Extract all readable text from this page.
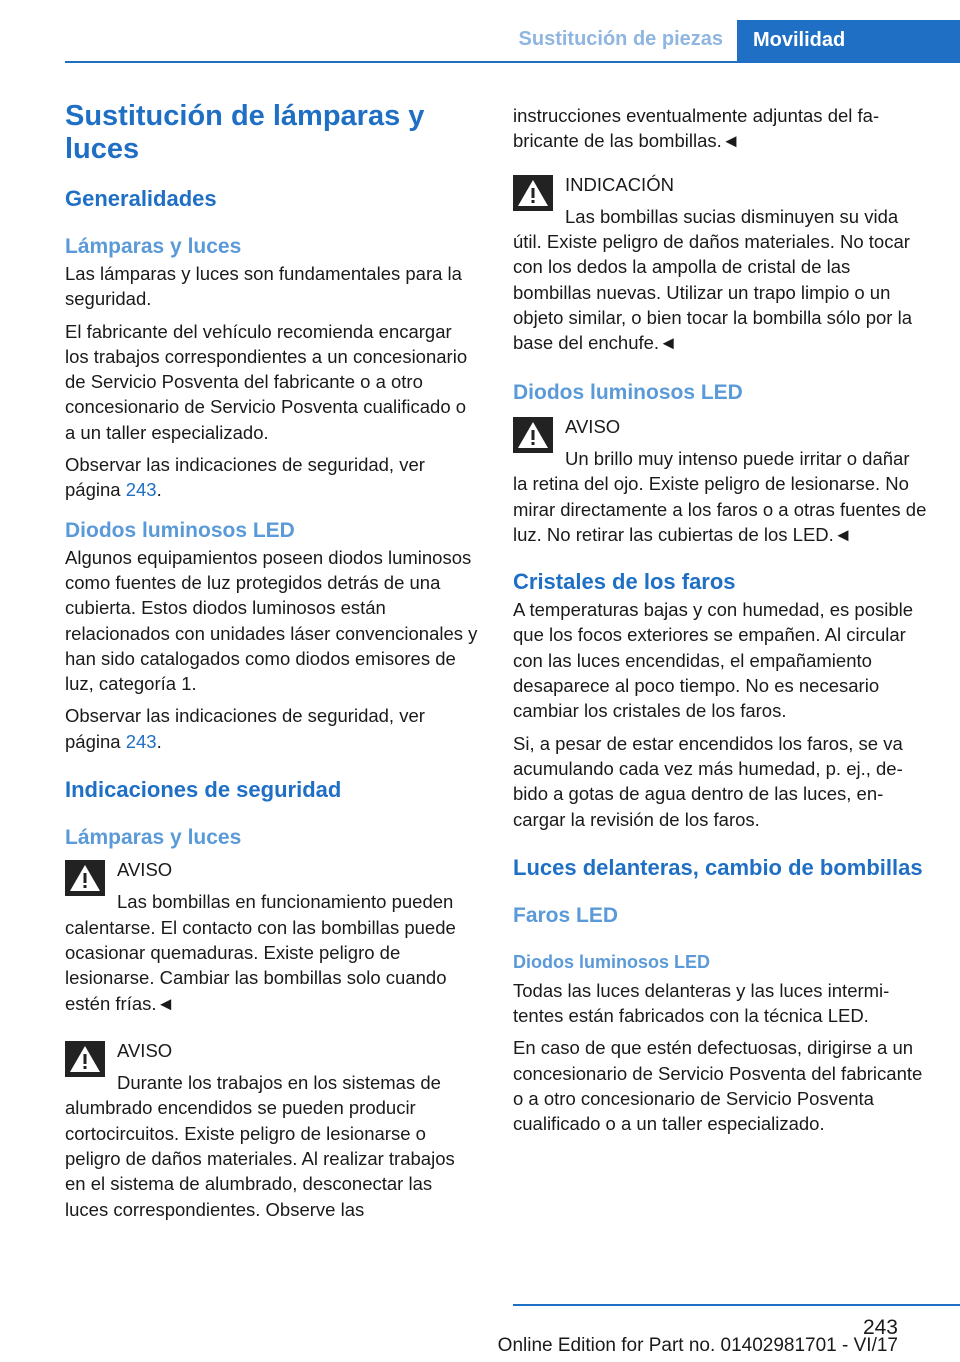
Sustitución de piezas	Movilidad
Sustitución de lámparas y luces
Generalidades
Lámparas y luces

Las lámparas y luces son fundamentales para la seguridad.

El fabricante del vehículo recomienda encargar los trabajos correspondientes a un concesionario de Servicio Posventa del fabricante o a otro concesionario de Servicio Posventa cualificado o a un taller especializado.

Observar las indicaciones de seguridad, ver página 243.

Diodos luminosos LED

Algunos equipamientos poseen diodos luminosos como fuentes de luz protegidos detrás de una cubierta. Estos diodos luminosos están relacionados con unidades láser convencionales y han sido catalogados como diodos emisores de luz, categoría 1.

Observar las indicaciones de seguridad, ver página 243.

Indicaciones de seguridad
Lámparas y luces
AVISO

Las bombillas en funcionamiento pueden calentarse. El contacto con las bombillas puede ocasionar quemaduras. Existe peligro de lesionarse. Cambiar las bombillas solo cuando estén frías.◄

AVISO

Durante los trabajos en los sistemas de alumbrado encendidos se pueden producir cortocircuitos. Existe peligro de lesionarse o peligro de daños materiales. Al realizar trabajos en el sistema de alumbrado, desconectar las luces correspondientes. Observe las

instrucciones eventualmente adjuntas del fabricante de las bombillas.◄

INDICACIÓN

Las bombillas sucias disminuyen su vida útil. Existe peligro de daños materiales. No tocar con los dedos la ampolla de cristal de las bombillas nuevas. Utilizar un trapo limpio o un objeto similar, o bien tocar la bombilla sólo por la base del enchufe.◄

Diodos luminosos LED
AVISO

Un brillo muy intenso puede irritar o dañar la retina del ojo. Existe peligro de lesionarse. No mirar directamente a los faros o a otras fuentes de luz. No retirar las cubiertas de los LED.◄

Cristales de los faros

A temperaturas bajas y con humedad, es posible que los focos exteriores se empañen. Al circular con las luces encendidas, el empañamiento desaparece al poco tiempo. No es necesario cambiar los cristales de los faros.

Si, a pesar de estar encendidos los faros, se va acumulando cada vez más humedad, p. ej., debido a gotas de agua dentro de las luces, encargar la revisión de los faros.

Luces delanteras, cambio de bombillas
Faros LED
Diodos luminosos LED

Todas las luces delanteras y las luces intermitentes están fabricados con la técnica LED.

En caso de que estén defectuosas, dirigirse a un concesionario de Servicio Posventa del fabricante o a otro concesionario de Servicio Posventa cualificado o a un taller especializado.

243
Online Edition for Part no. 01402981701 - VI/17
